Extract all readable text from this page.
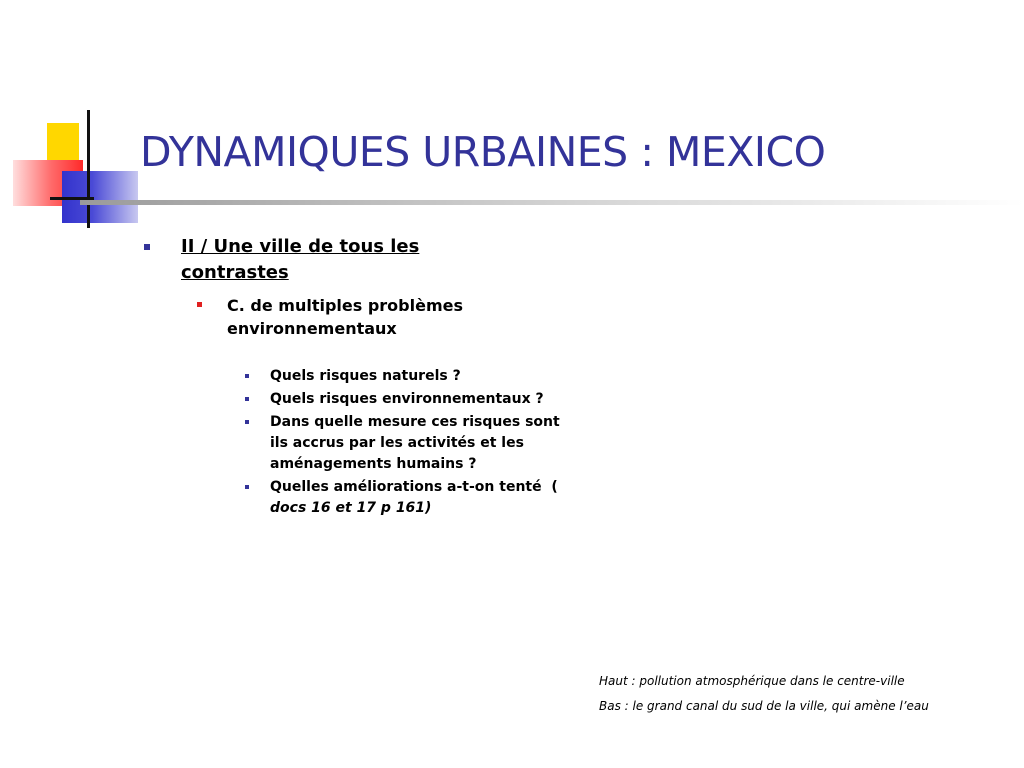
DYNAMIQUES URBAINES : MEXICO
II / Une ville de tous les contrastes
C. de multiples problèmes environnementaux
Quels risques naturels ?
Quels risques environnementaux ?
Dans quelle mesure ces risques sont ils accrus par les activités et les aménagements humains ?
Quelles améliorations a-t-on tenté  ( docs 16 et 17 p 161)
Haut : pollution atmosphérique dans le centre-ville
Bas : le grand canal du sud de la ville, qui amène l’eau
